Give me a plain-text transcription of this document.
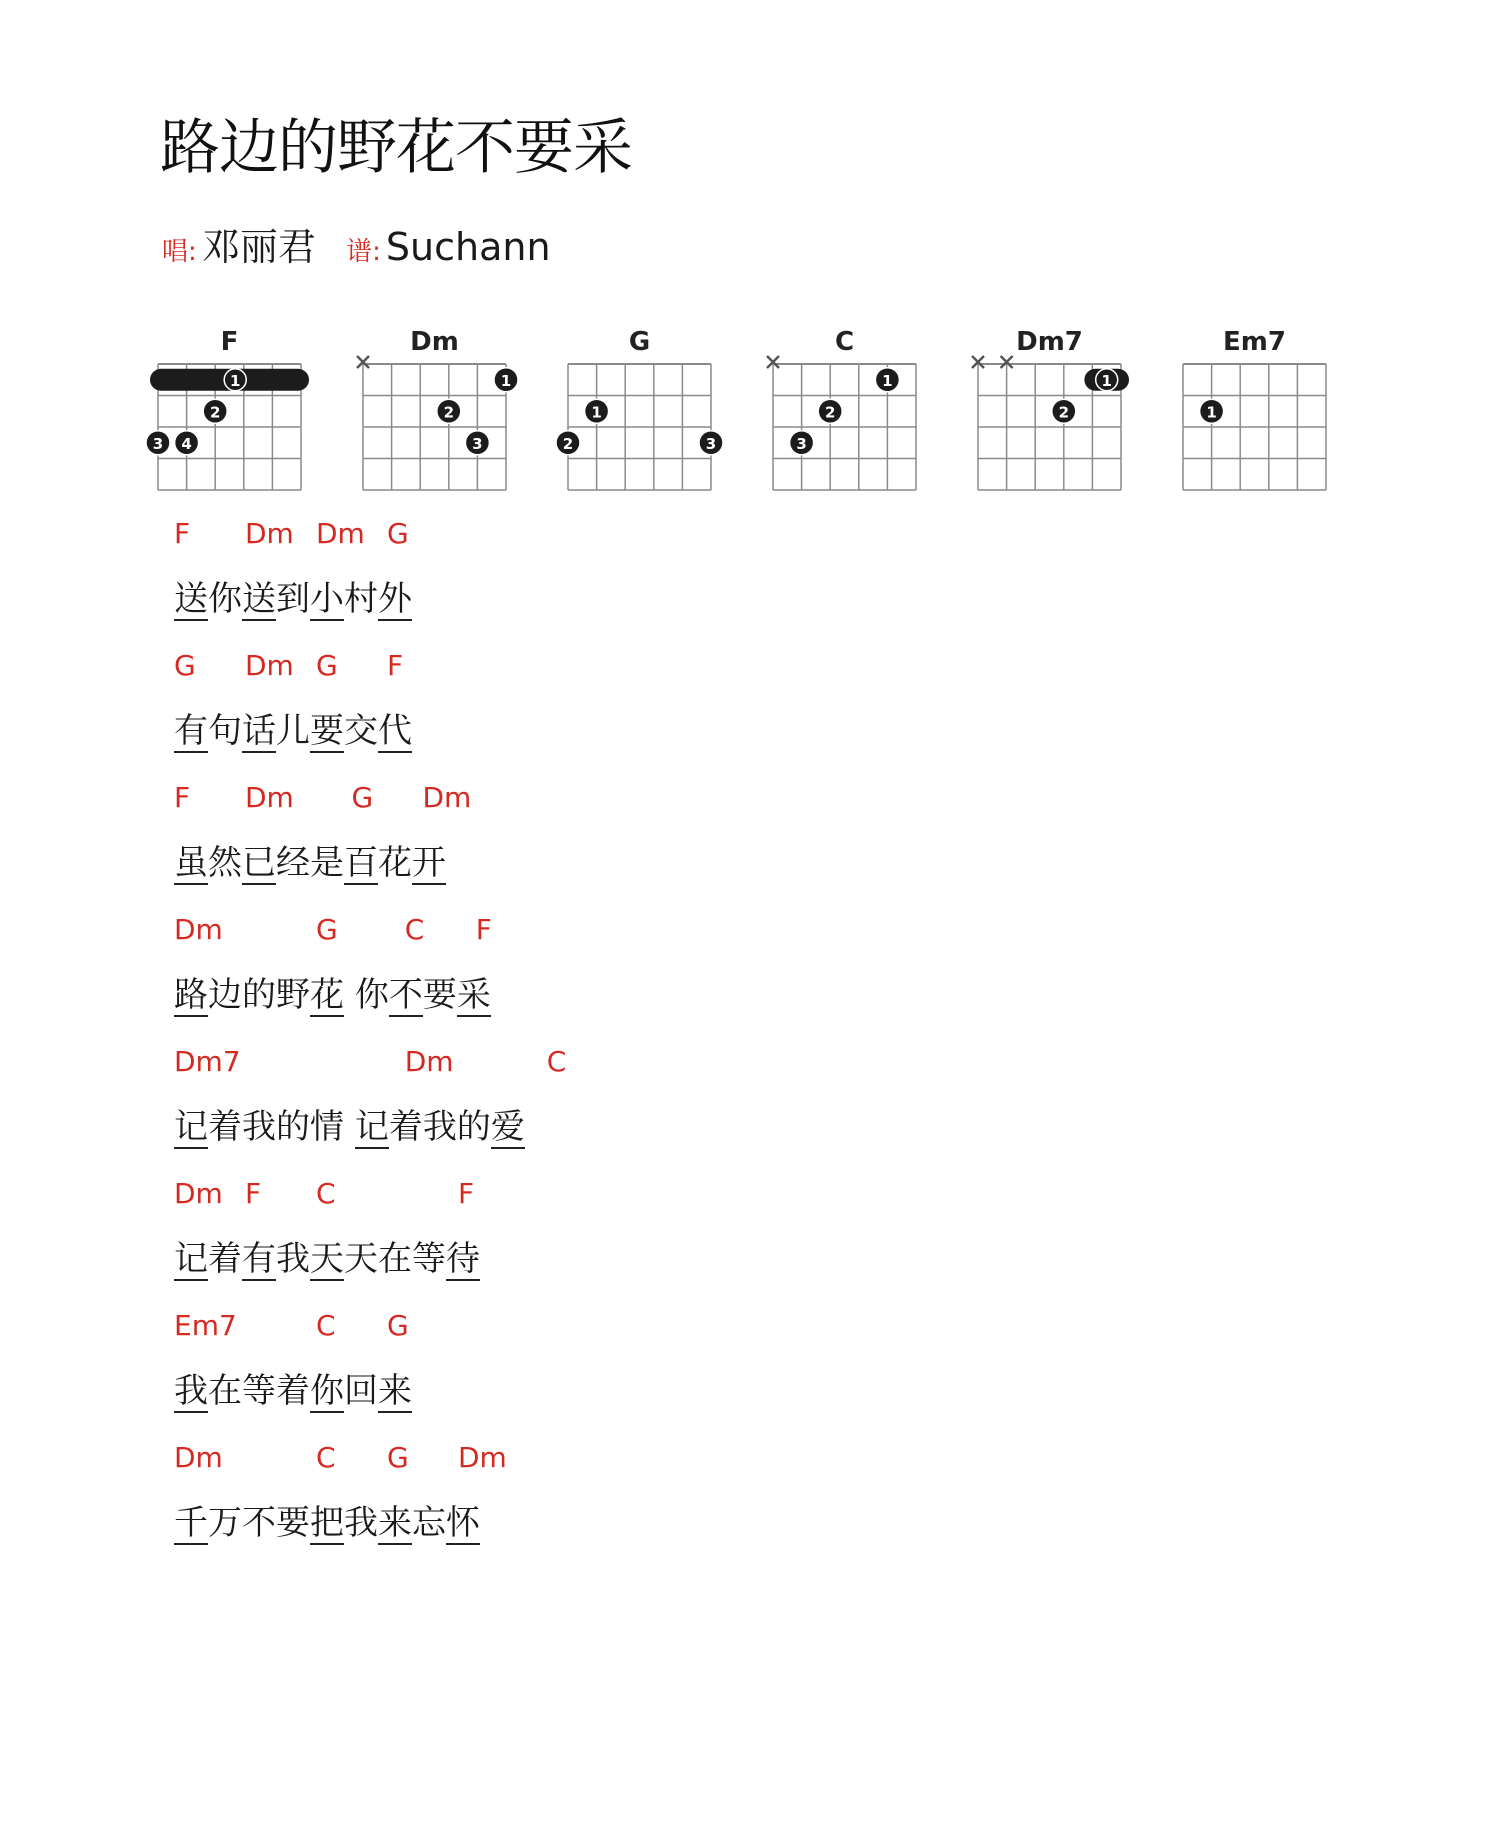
路边的野花不要采
唱: 邓丽君 谱: Suchann
F
1
2
3 4
Dm
1
2
3
G
1
2	3
C
1
2
3
Dm7
1
2
Em7
1
F Dm Dm G
送你送到小村外
G Dm G F
有句话儿要交代
F Dm G Dm
虽然已经是百花开
Dm	G C F
路边的野花 你不要采
Dm7	Dm	C
记着我的情 记着我的爱
Dm F C	F
记着有我天天在等待
Em7	C G
我在等着你回来
Dm	C G Dm
千万不要把我来忘怀
